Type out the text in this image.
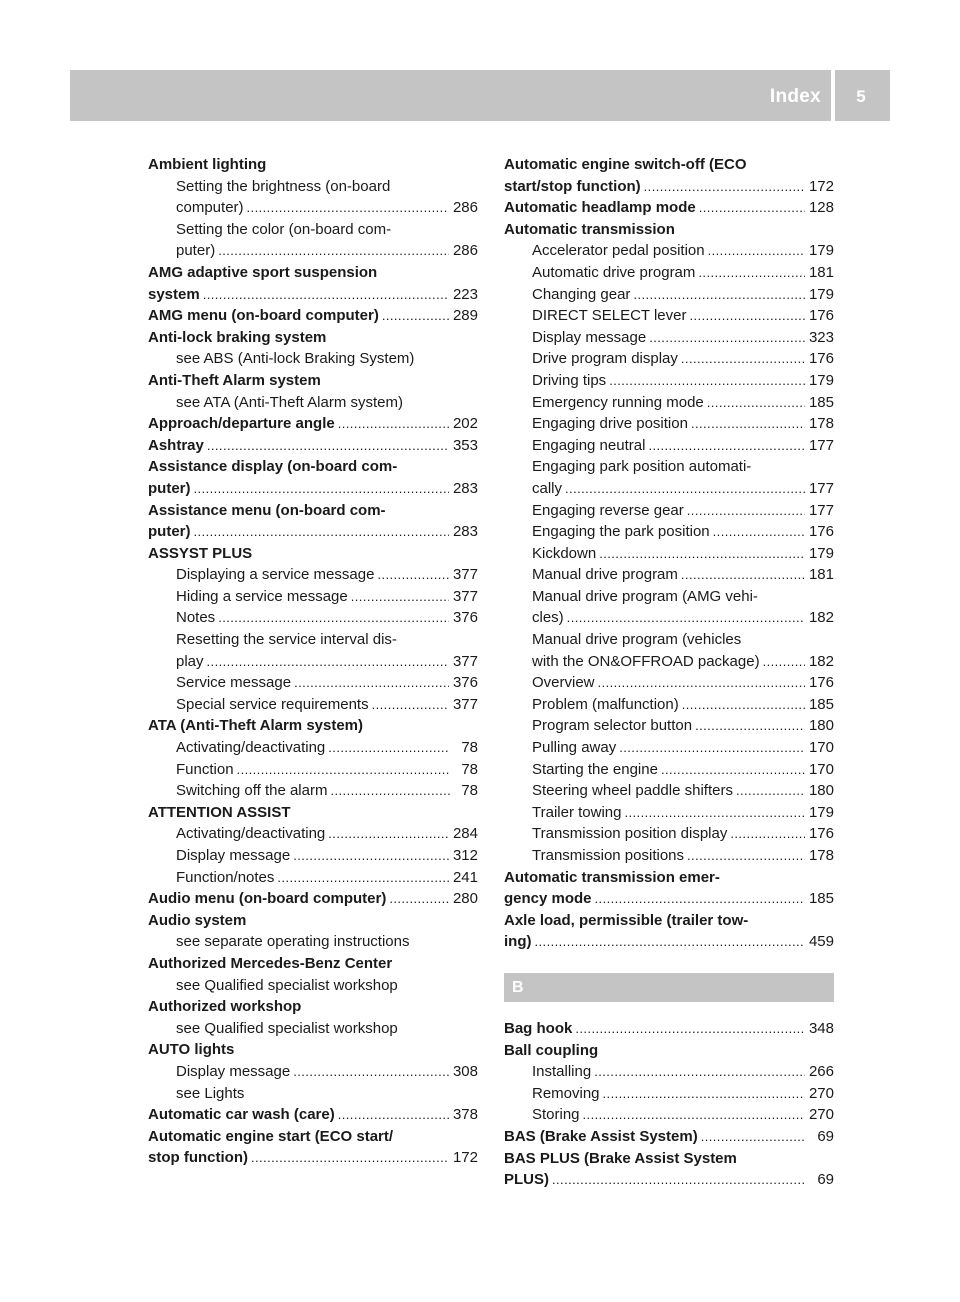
Index	5
Ambient lighting
Setting the brightness (on-board
computer) . . .	286
Setting the color (on-board com-
puter) . . .	286
AMG adaptive sport suspension
system . . .	223
AMG menu (on-board computer) . . .	289
Anti-lock braking system
see ABS (Anti-lock Braking System)
Anti-Theft Alarm system
see ATA (Anti-Theft Alarm system)
Approach/departure angle . . .	202
Ashtray . . .	353
Assistance display (on-board com-
puter) . . .	283
Assistance menu (on-board com-
puter) . . .	283
ASSYST PLUS
Displaying a service message . . .	377
Hiding a service message . . .	377
Notes . . .	376
Resetting the service interval dis-
play . . .	377
Service message . . .	376
Special service requirements . . .	377
ATA (Anti-Theft Alarm system)
Activating/deactivating . . .	78
Function . . .	78
Switching off the alarm . . .	78
ATTENTION ASSIST
Activating/deactivating . . .	284
Display message . . .	312
Function/notes . . .	241
Audio menu (on-board computer) . . .	280
Audio system
see separate operating instructions
Authorized Mercedes-Benz Center
see Qualified specialist workshop
Authorized workshop
see Qualified specialist workshop
AUTO lights
Display message . . .	308
see Lights
Automatic car wash (care) . . .	378
Automatic engine start (ECO start/
stop function) . . .	172
Automatic engine switch-off (ECO
start/stop function) . . .	172
Automatic headlamp mode . . .	128
Automatic transmission
Accelerator pedal position . . .	179
Automatic drive program . . .	181
Changing gear . . .	179
DIRECT SELECT lever . . .	176
Display message . . .	323
Drive program display . . .	176
Driving tips . . .	179
Emergency running mode . . .	185
Engaging drive position . . .	178
Engaging neutral . . .	177
Engaging park position automati-
cally . . .	177
Engaging reverse gear . . .	177
Engaging the park position . . .	176
Kickdown . . .	179
Manual drive program . . .	181
Manual drive program (AMG vehi-
cles) . . .	182
Manual drive program (vehicles
with the ON&OFFROAD package) . . .	182
Overview . . .	176
Problem (malfunction) . . .	185
Program selector button . . .	180
Pulling away . . .	170
Starting the engine . . .	170
Steering wheel paddle shifters . . .	180
Trailer towing . . .	179
Transmission position display . . .	176
Transmission positions . . .	178
Automatic transmission emer-
gency mode . . .	185
Axle load, permissible (trailer tow-
ing) . . .	459
B
Bag hook . . .	348
Ball coupling
Installing . . .	266
Removing . . .	270
Storing . . .	270
BAS (Brake Assist System) . . .	69
BAS PLUS (Brake Assist System
PLUS) . . .	69
